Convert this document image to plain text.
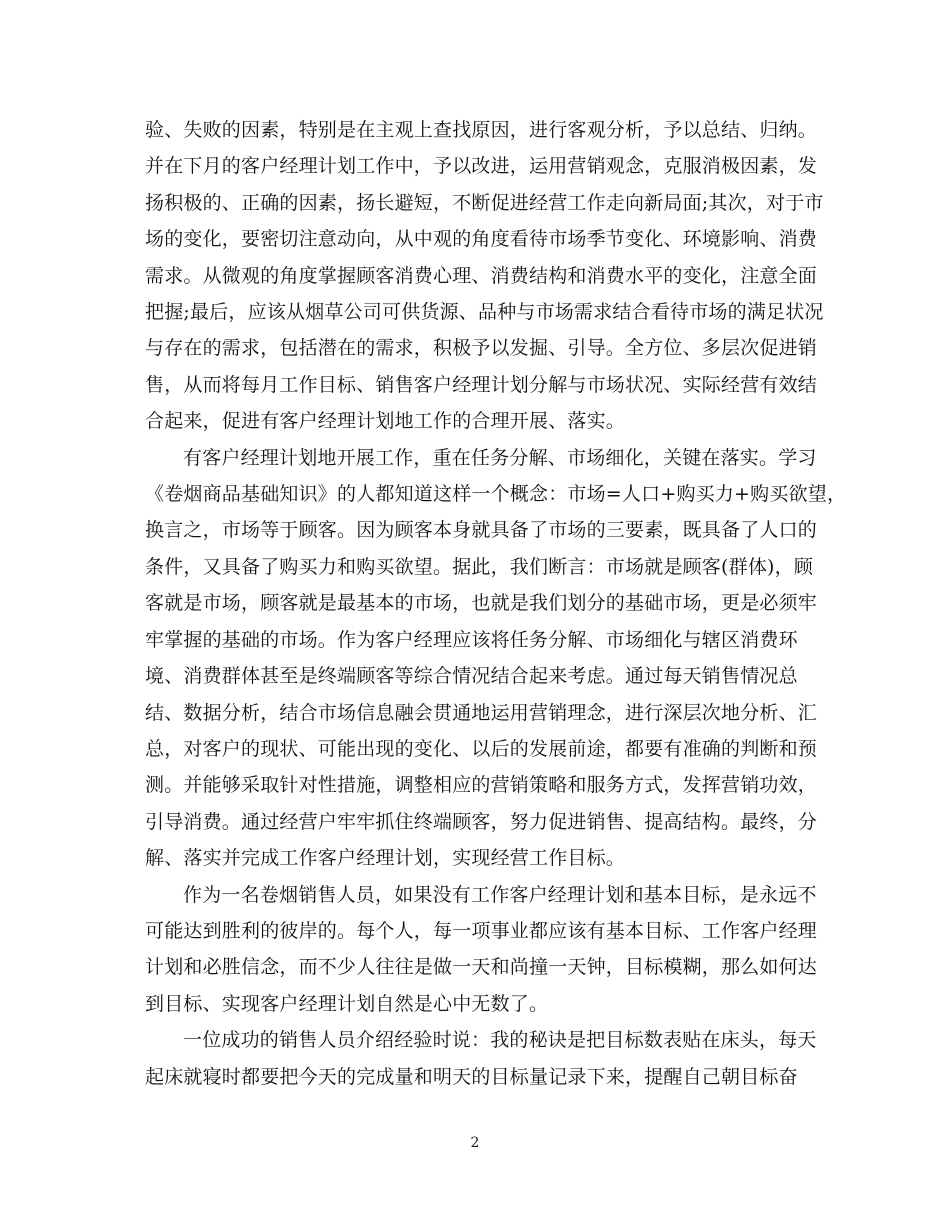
验、失败的因素，特别是在主观上查找原因，进行客观分析，予以总结、归纳。
并在下月的客户经理计划工作中，予以改进，运用营销观念，克服消极因素，发
扬积极的、正确的因素，扬长避短，不断促进经营工作走向新局面;其次，对于市
场的变化，要密切注意动向，从中观的角度看待市场季节变化、环境影响、消费
需求。从微观的角度掌握顾客消费心理、消费结构和消费水平的变化，注意全面
把握;最后，应该从烟草公司可供货源、品种与市场需求结合看待市场的满足状况
与存在的需求，包括潜在的需求，积极予以发掘、引导。全方位、多层次促进销
售，从而将每月工作目标、销售客户经理计划分解与市场状况、实际经营有效结
合起来，促进有客户经理计划地工作的合理开展、落实。

有客户经理计划地开展工作，重在任务分解、市场细化，关键在落实。学习
《卷烟商品基础知识》的人都知道这样一个概念：市场=人口+购买力+购买欲望，
换言之，市场等于顾客。因为顾客本身就具备了市场的三要素，既具备了人口的
条件，又具备了购买力和购买欲望。据此，我们断言：市场就是顾客(群体)，顾
客就是市场，顾客就是最基本的市场，也就是我们划分的基础市场，更是必须牢
牢掌握的基础的市场。作为客户经理应该将任务分解、市场细化与辖区消费环
境、消费群体甚至是终端顾客等综合情况结合起来考虑。通过每天销售情况总
结、数据分析，结合市场信息融会贯通地运用营销理念，进行深层次地分析、汇
总，对客户的现状、可能出现的变化、以后的发展前途，都要有准确的判断和预
测。并能够采取针对性措施，调整相应的营销策略和服务方式，发挥营销功效，
引导消费。通过经营户牢牢抓住终端顾客，努力促进销售、提高结构。最终，分
解、落实并完成工作客户经理计划，实现经营工作目标。

作为一名卷烟销售人员，如果没有工作客户经理计划和基本目标，是永远不
可能达到胜利的彼岸的。每个人，每一项事业都应该有基本目标、工作客户经理
计划和必胜信念，而不少人往往是做一天和尚撞一天钟，目标模糊，那么如何达
到目标、实现客户经理计划自然是心中无数了。

一位成功的销售人员介绍经验时说：我的秘诀是把目标数表贴在床头，每天
起床就寝时都要把今天的完成量和明天的目标量记录下来，提醒自己朝目标奋

2
